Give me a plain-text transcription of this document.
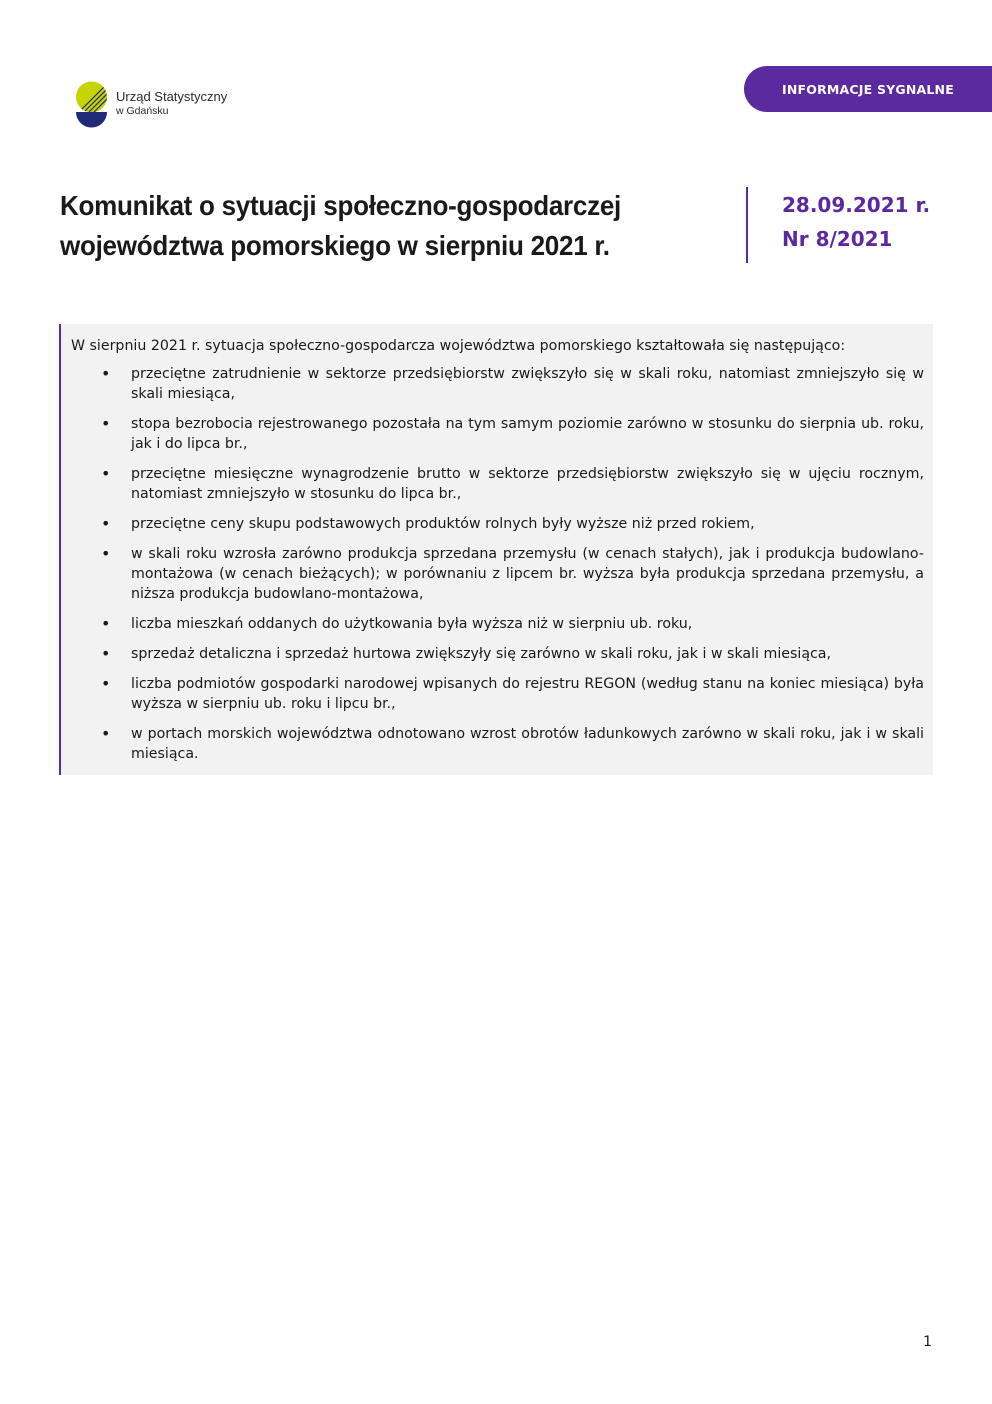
Urząd Statystyczny
w Gdańsku
INFORMACJE SYGNALNE
Komunikat o sytuacji społeczno-gospodarczej województwa pomorskiego w sierpniu 2021 r.
28.09.2021 r.
Nr 8/2021

W sierpniu 2021 r. sytuacja społeczno-gospodarcza województwa pomorskiego kształtowała się następująco:

• przeciętne zatrudnienie w sektorze przedsiębiorstw zwiększyło się w skali roku, natomiast zmniejszyło się w skali miesiąca,
• stopa bezrobocia rejestrowanego pozostała na tym samym poziomie zarówno w stosunku do sierpnia ub. roku, jak i do lipca br.,
• przeciętne miesięczne wynagrodzenie brutto w sektorze przedsiębiorstw zwiększyło się w ujęciu rocznym, natomiast zmniejszyło w stosunku do lipca br.,
• przeciętne ceny skupu podstawowych produktów rolnych były wyższe niż przed rokiem,
• w skali roku wzrosła zarówno produkcja sprzedana przemysłu (w cenach stałych), jak i produkcja budowlano-montażowa (w cenach bieżących); w porównaniu z lipcem br. wyższa była produkcja sprzedana przemysłu, a niższa produkcja budowlano-montażowa,
• liczba mieszkań oddanych do użytkowania była wyższa niż w sierpniu ub. roku,
• sprzedaż detaliczna i sprzedaż hurtowa zwiększyły się zarówno w skali roku, jak i w skali miesiąca,
• liczba podmiotów gospodarki narodowej wpisanych do rejestru REGON (według stanu na koniec miesiąca) była wyższa w sierpniu ub. roku i lipcu br.,
• w portach morskich województwa odnotowano wzrost obrotów ładunkowych zarówno w skali roku, jak i w skali miesiąca.
1
